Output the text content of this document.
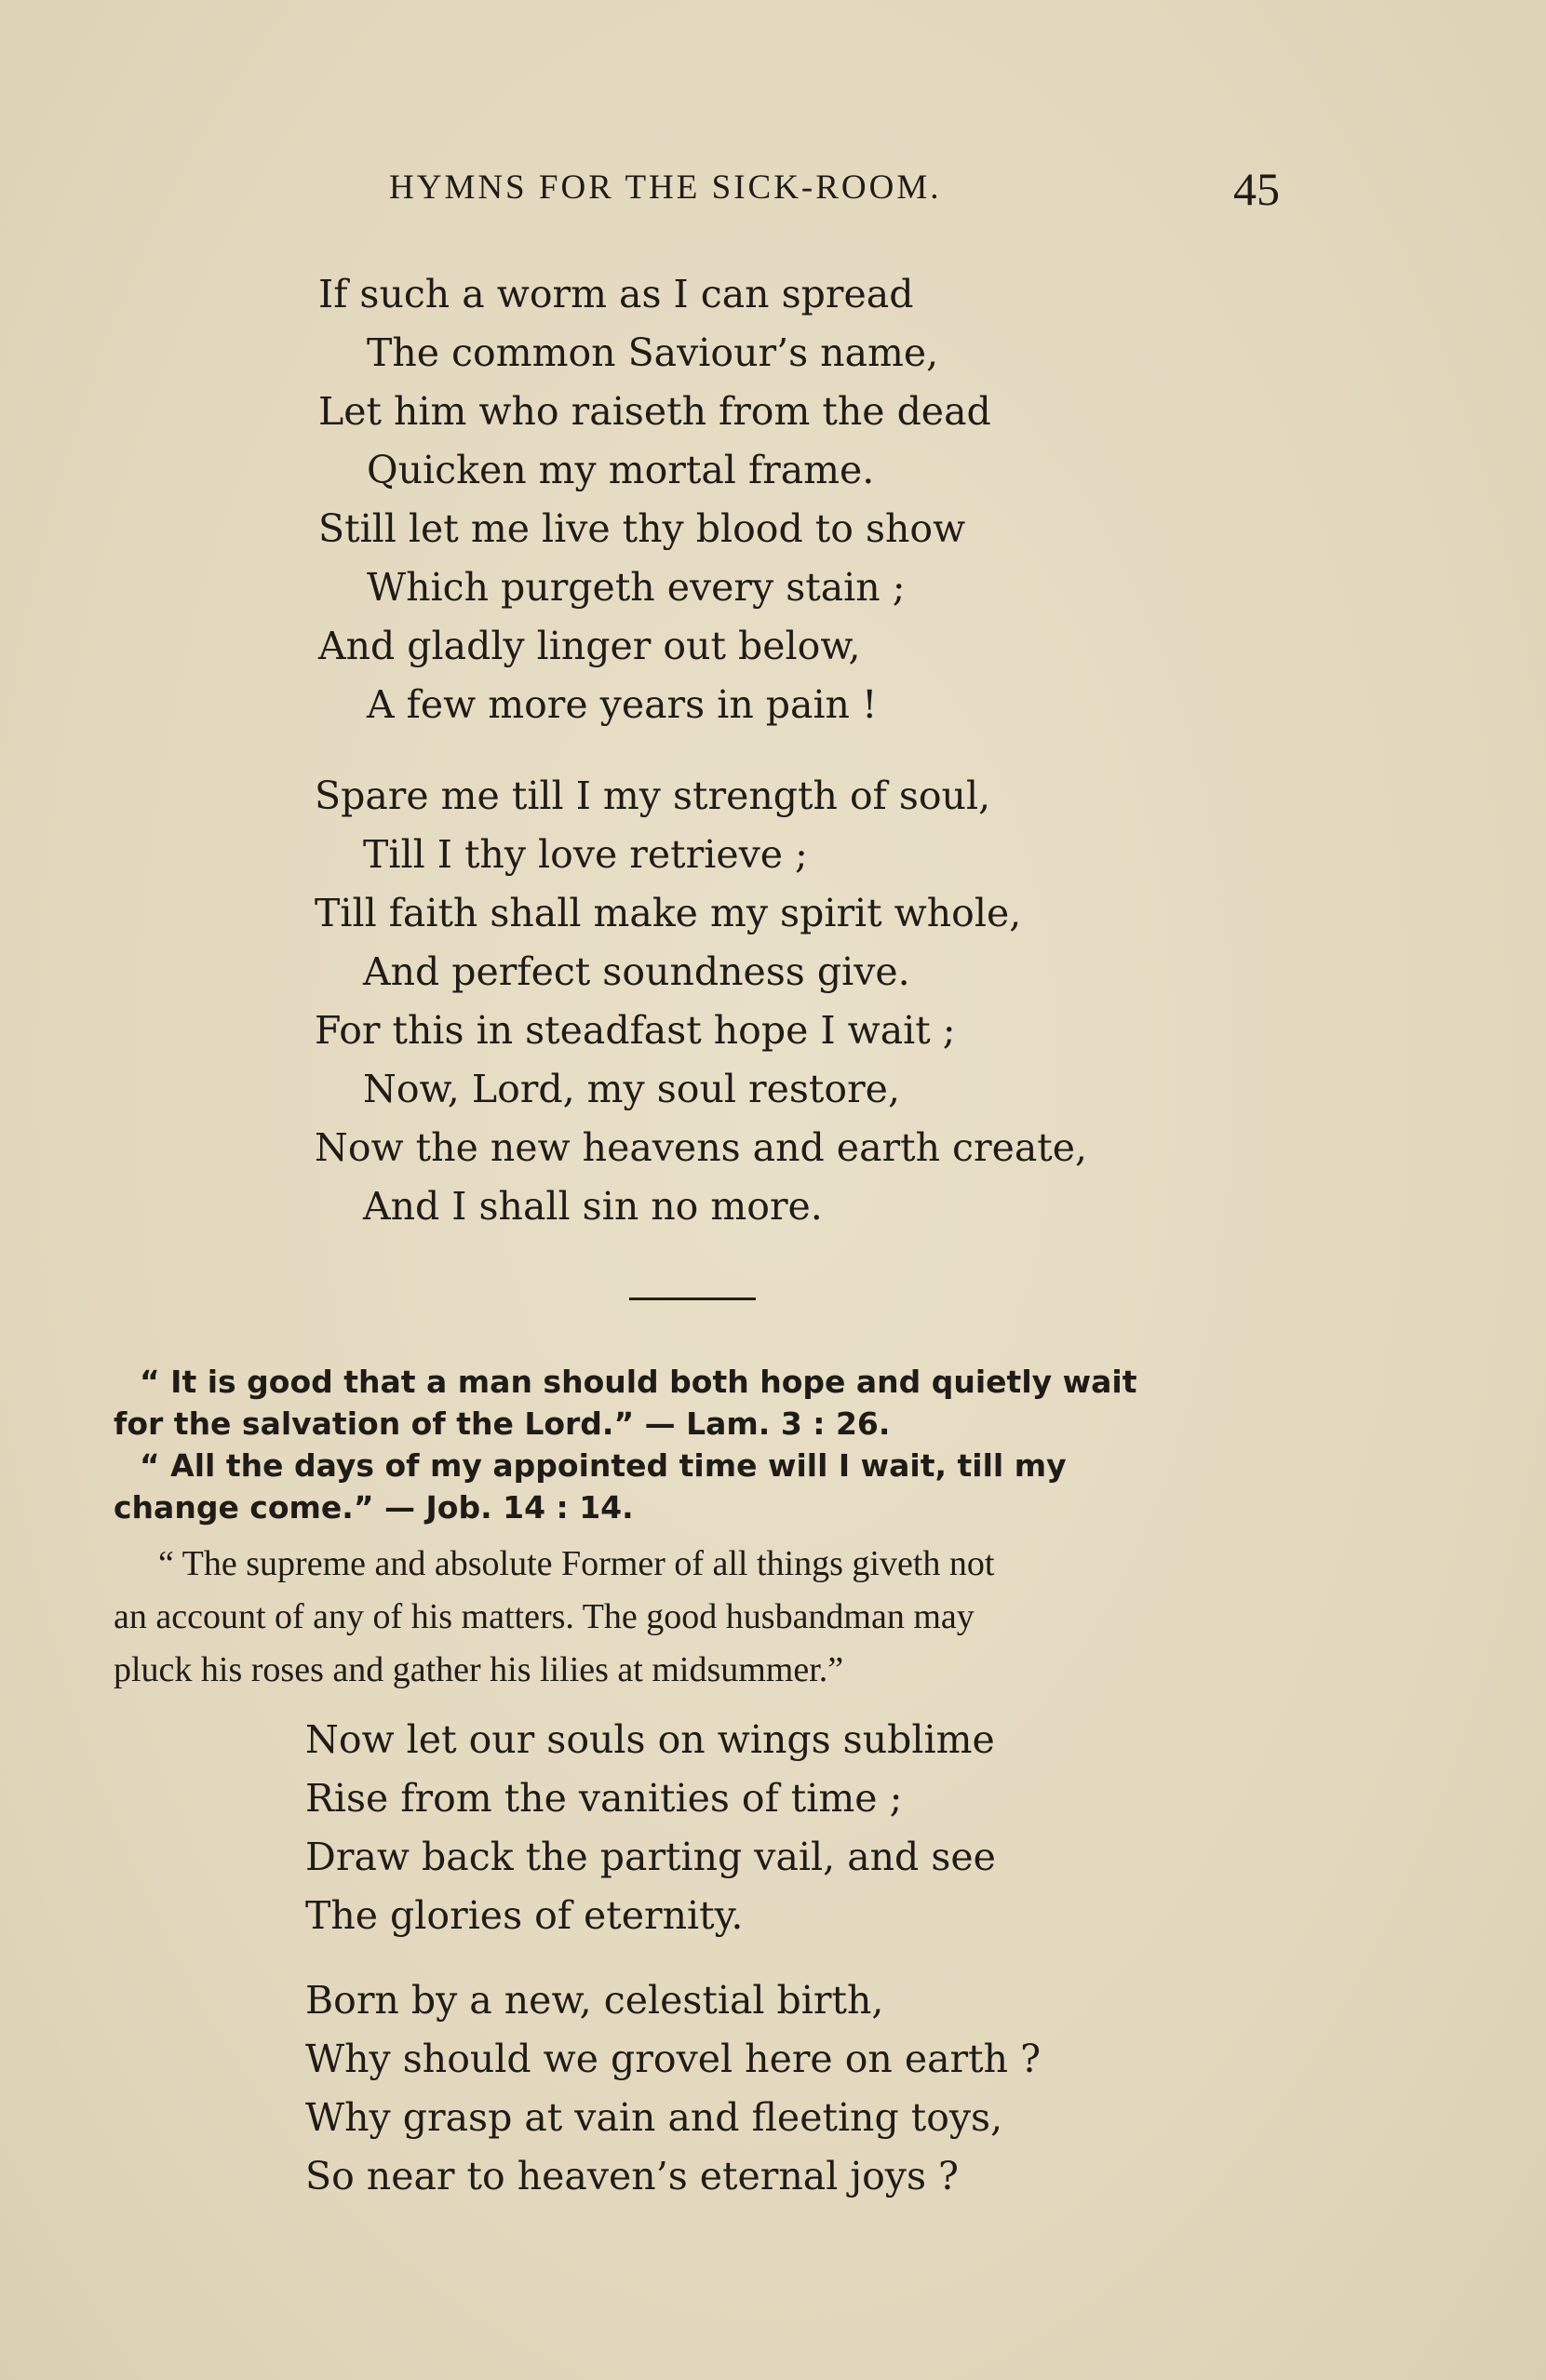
HYMNS FOR THE SICK-ROOM.	45
If such a worm as I can spread
The common Saviour’s name,
Let him who raiseth from the dead
Quicken my mortal frame.
Still let me live thy blood to show
Which purgeth every stain ;
And gladly linger out below,
A few more years in pain !
Spare me till I my strength of soul,
Till I thy love retrieve ;
Till faith shall make my spirit whole,
And perfect soundness give.
For this in steadfast hope I wait ;
Now, Lord, my soul restore,
Now the new heavens and earth create,
And I shall sin no more.
“ It is good that a man should both hope and quietly wait
for the salvation of the Lord.” — Lam. 3 : 26.
“ All the days of my appointed time will I wait, till my
change come.” — Job. 14 : 14.
“ The supreme and absolute Former of all things giveth not
an account of any of his matters. The good husbandman may
pluck his roses and gather his lilies at midsummer.”
Now let our souls on wings sublime
Rise from the vanities of time ;
Draw back the parting vail, and see
The glories of eternity.
Born by a new, celestial birth,
Why should we grovel here on earth ?
Why grasp at vain and fleeting toys,
So near to heaven’s eternal joys ?
